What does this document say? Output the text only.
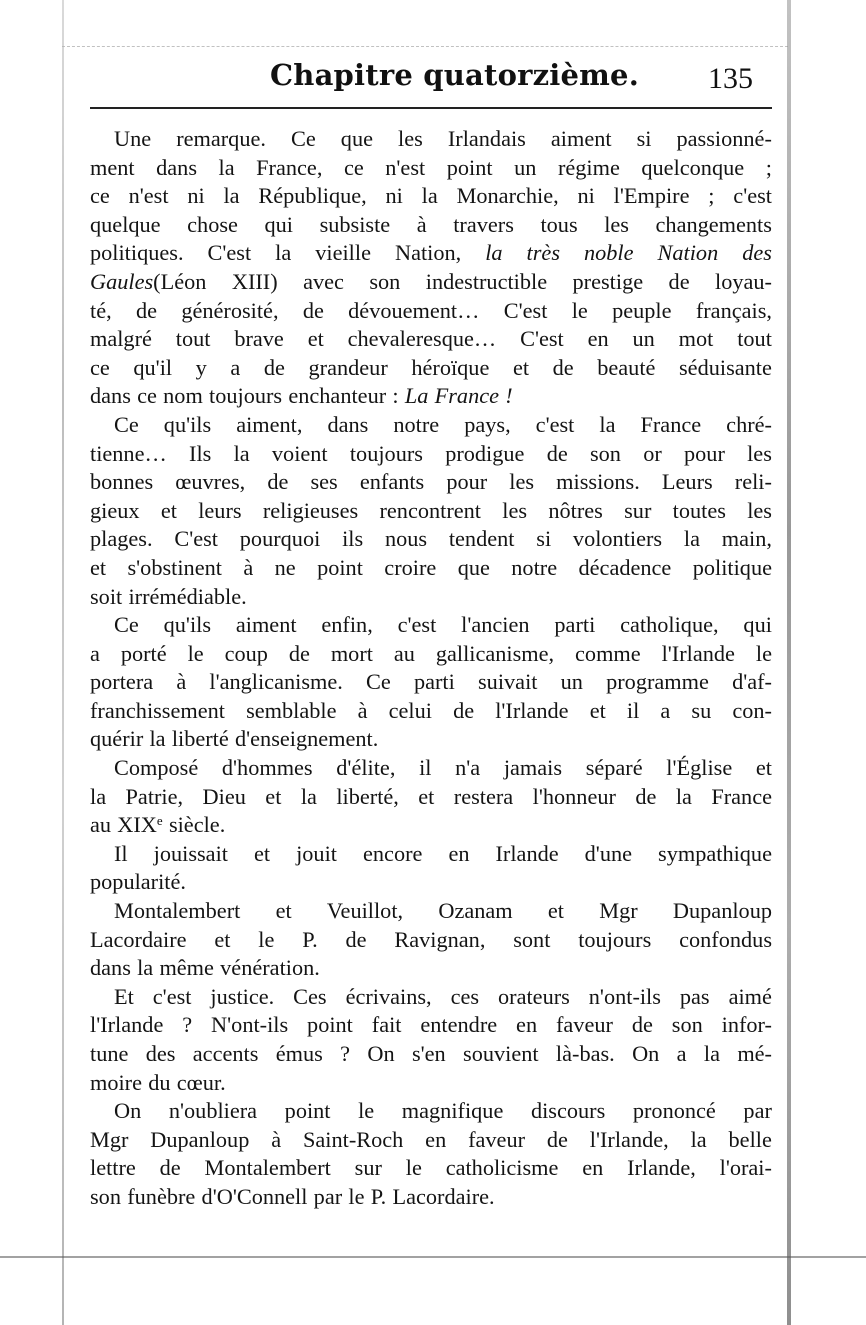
Chapitre quatorzième. 135
Une remarque. Ce que les Irlandais aiment si passionné-
ment dans la France, ce n'est point un régime quelconque ;
ce n'est ni la République, ni la Monarchie, ni l'Empire ; c'est
quelque chose qui subsiste à travers tous les changements
politiques. C'est la vieille Nation, la très noble Nation des
Gaules(Léon XIII) avec son indestructible prestige de loyau-
té, de générosité, de dévouement… C'est le peuple français,
malgré tout brave et chevaleresque… C'est en un mot tout
ce qu'il y a de grandeur héroïque et de beauté séduisante
dans ce nom toujours enchanteur : La France !
Ce qu'ils aiment, dans notre pays, c'est la France chré-
tienne… Ils la voient toujours prodigue de son or pour les
bonnes œuvres, de ses enfants pour les missions. Leurs reli-
gieux et leurs religieuses rencontrent les nôtres sur toutes les
plages. C'est pourquoi ils nous tendent si volontiers la main,
et s'obstinent à ne point croire que notre décadence politique
soit irrémédiable.
Ce qu'ils aiment enfin, c'est l'ancien parti catholique, qui
a porté le coup de mort au gallicanisme, comme l'Irlande le
portera à l'anglicanisme. Ce parti suivait un programme d'af-
franchissement semblable à celui de l'Irlande et il a su con-
quérir la liberté d'enseignement.
Composé d'hommes d'élite, il n'a jamais séparé l'Église et
la Patrie, Dieu et la liberté, et restera l'honneur de la France
au XIXe siècle.
Il jouissait et jouit encore en Irlande d'une sympathique
popularité.
Montalembert et Veuillot, Ozanam et Mgr Dupanloup
Lacordaire et le P. de Ravignan, sont toujours confondus
dans la même vénération.
Et c'est justice. Ces écrivains, ces orateurs n'ont-ils pas aimé
l'Irlande ? N'ont-ils point fait entendre en faveur de son infor-
tune des accents émus ? On s'en souvient là-bas. On a la mé-
moire du cœur.
On n'oubliera point le magnifique discours prononcé par
Mgr Dupanloup à Saint-Roch en faveur de l'Irlande, la belle
lettre de Montalembert sur le catholicisme en Irlande, l'orai-
son funèbre d'O'Connell par le P. Lacordaire.
